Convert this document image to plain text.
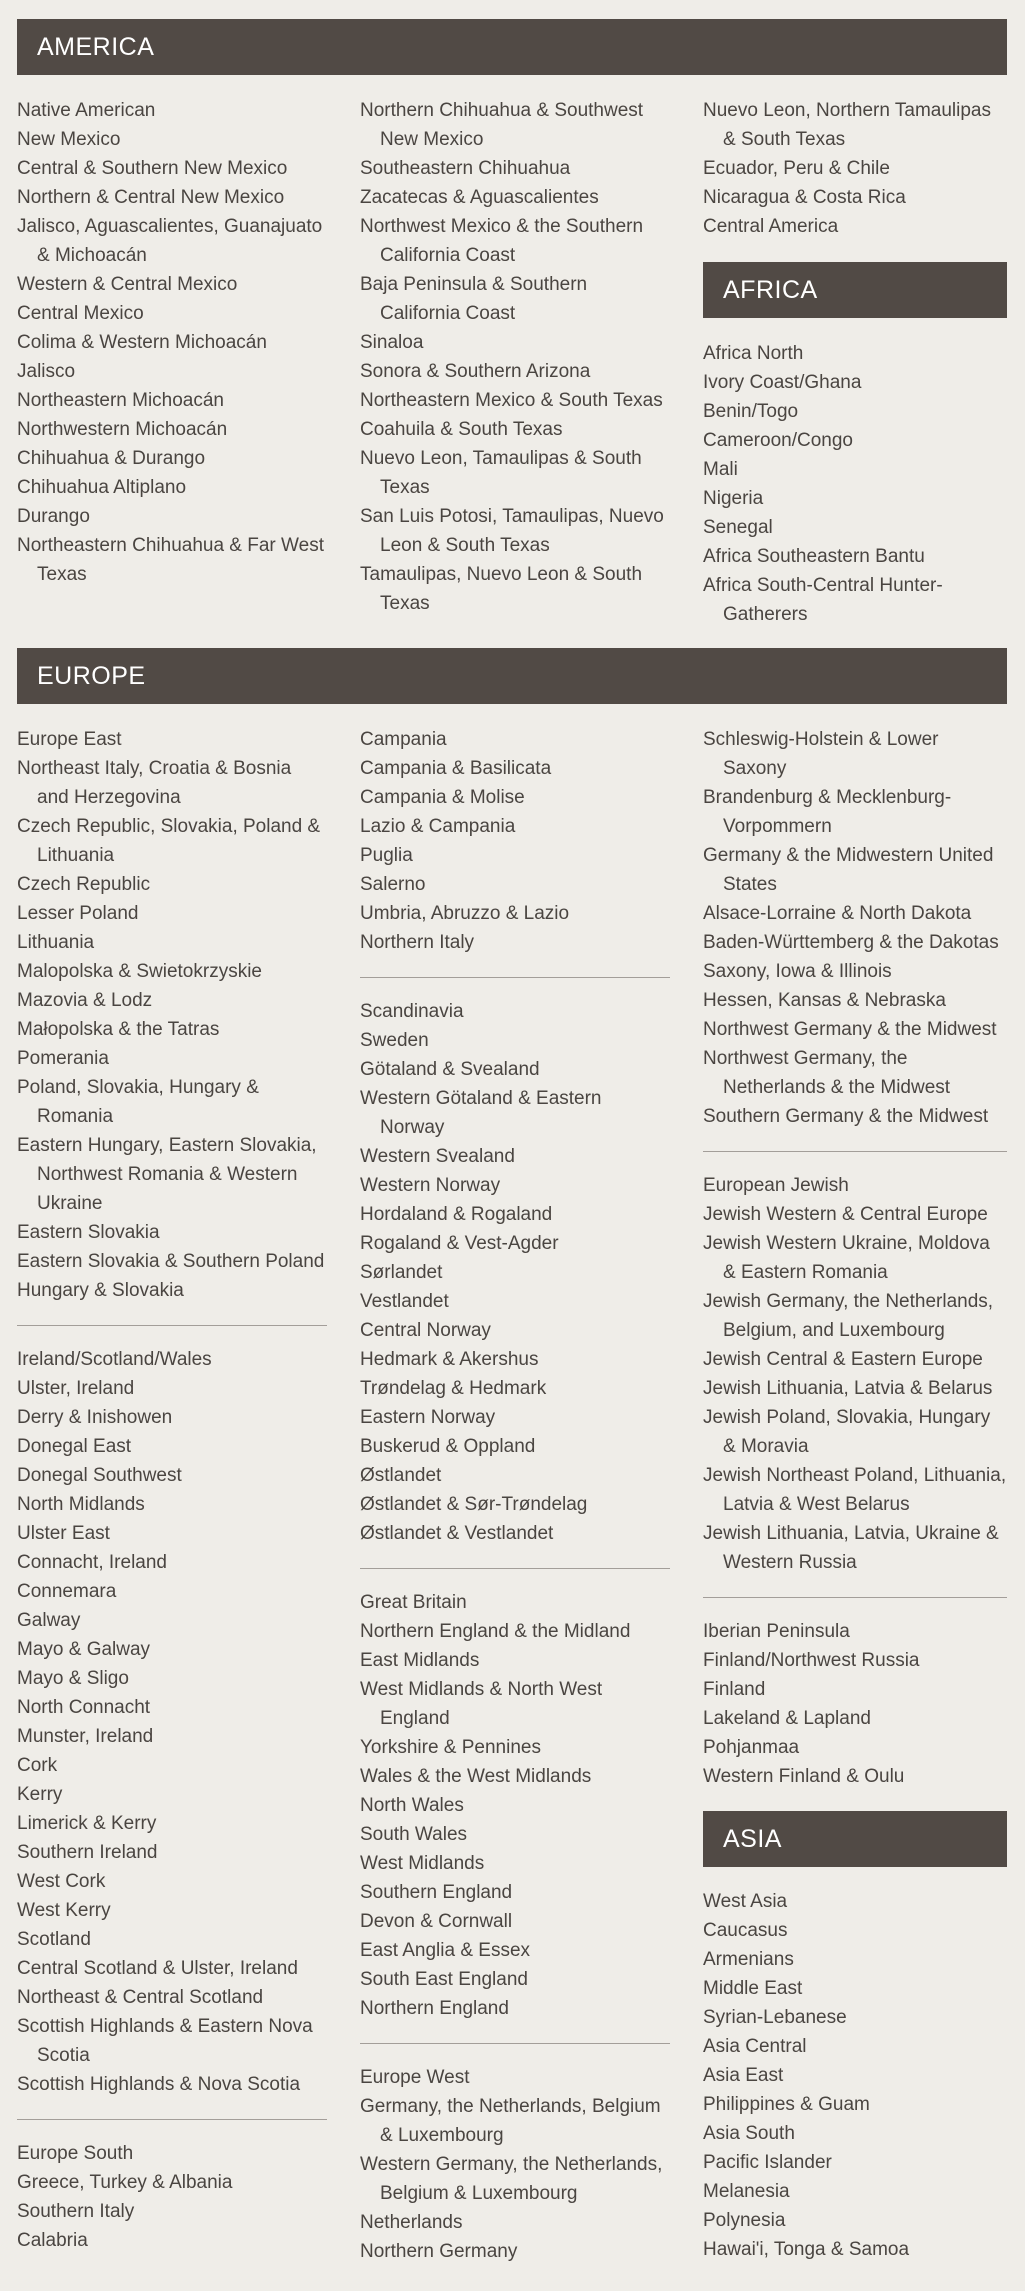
AMERICA
Native American
New Mexico
Central & Southern New Mexico
Northern & Central New Mexico
Jalisco, Aguascalientes, Guanajuato & Michoacán
Western & Central Mexico
Central Mexico
Colima & Western Michoacán
Jalisco
Northeastern Michoacán
Northwestern Michoacán
Chihuahua & Durango
Chihuahua Altiplano
Durango
Northeastern Chihuahua & Far West Texas
Northern Chihuahua & Southwest New Mexico
Southeastern Chihuahua
Zacatecas & Aguascalientes
Northwest Mexico & the Southern California Coast
Baja Peninsula & Southern California Coast
Sinaloa
Sonora & Southern Arizona
Northeastern Mexico & South Texas
Coahuila & South Texas
Nuevo Leon, Tamaulipas & South Texas
San Luis Potosi, Tamaulipas, Nuevo Leon & South Texas
Tamaulipas, Nuevo Leon & South Texas
Nuevo Leon, Northern Tamaulipas & South Texas
Ecuador, Peru & Chile
Nicaragua & Costa Rica
Central America
AFRICA
Africa North
Ivory Coast/Ghana
Benin/Togo
Cameroon/Congo
Mali
Nigeria
Senegal
Africa Southeastern Bantu
Africa South-Central Hunter-Gatherers
EUROPE
Europe East
Northeast Italy, Croatia & Bosnia and Herzegovina
Czech Republic, Slovakia, Poland & Lithuania
Czech Republic
Lesser Poland
Lithuania
Malopolska & Swietokrzyskie
Mazovia & Lodz
Małopolska & the Tatras
Pomerania
Poland, Slovakia, Hungary & Romania
Eastern Hungary, Eastern Slovakia, Northwest Romania & Western Ukraine
Eastern Slovakia
Eastern Slovakia & Southern Poland
Hungary & Slovakia
Ireland/Scotland/Wales
Ulster, Ireland
Derry & Inishowen
Donegal East
Donegal Southwest
North Midlands
Ulster East
Connacht, Ireland
Connemara
Galway
Mayo & Galway
Mayo & Sligo
North Connacht
Munster, Ireland
Cork
Kerry
Limerick & Kerry
Southern Ireland
West Cork
West Kerry
Scotland
Central Scotland & Ulster, Ireland
Northeast & Central Scotland
Scottish Highlands & Eastern Nova Scotia
Scottish Highlands & Nova Scotia
Europe South
Greece, Turkey & Albania
Southern Italy
Calabria
Campania
Campania & Basilicata
Campania & Molise
Lazio & Campania
Puglia
Salerno
Umbria, Abruzzo & Lazio
Northern Italy
Scandinavia
Sweden
Götaland & Svealand
Western Götaland & Eastern Norway
Western Svealand
Western Norway
Hordaland & Rogaland
Rogaland & Vest-Agder
Sørlandet
Vestlandet
Central Norway
Hedmark & Akershus
Trøndelag & Hedmark
Eastern Norway
Buskerud & Oppland
Østlandet
Østlandet & Sør-Trøndelag
Østlandet & Vestlandet
Great Britain
Northern England & the Midland
East Midlands
West Midlands & North West England
Yorkshire & Pennines
Wales & the West Midlands
North Wales
South Wales
West Midlands
Southern England
Devon & Cornwall
East Anglia & Essex
South East England
Northern England
Europe West
Germany, the Netherlands, Belgium & Luxembourg
Western Germany, the Netherlands, Belgium & Luxembourg
Netherlands
Northern Germany
Schleswig-Holstein & Lower Saxony
Brandenburg & Mecklenburg-Vorpommern
Germany & the Midwestern United States
Alsace-Lorraine & North Dakota
Baden-Württemberg & the Dakotas
Saxony, Iowa & Illinois
Hessen, Kansas & Nebraska
Northwest Germany & the Midwest
Northwest Germany, the Netherlands & the Midwest
Southern Germany & the Midwest
European Jewish
Jewish Western & Central Europe
Jewish Western Ukraine, Moldova & Eastern Romania
Jewish Germany, the Netherlands, Belgium, and Luxembourg
Jewish Central & Eastern Europe
Jewish Lithuania, Latvia & Belarus
Jewish Poland, Slovakia, Hungary & Moravia
Jewish Northeast Poland, Lithuania, Latvia & West Belarus
Jewish Lithuania, Latvia, Ukraine & Western Russia
Iberian Peninsula
Finland/Northwest Russia
Finland
Lakeland & Lapland
Pohjanmaa
Western Finland & Oulu
ASIA
West Asia
Caucasus
Armenians
Middle East
Syrian-Lebanese
Asia Central
Asia East
Philippines & Guam
Asia South
Pacific Islander
Melanesia
Polynesia
Hawai'i, Tonga & Samoa
